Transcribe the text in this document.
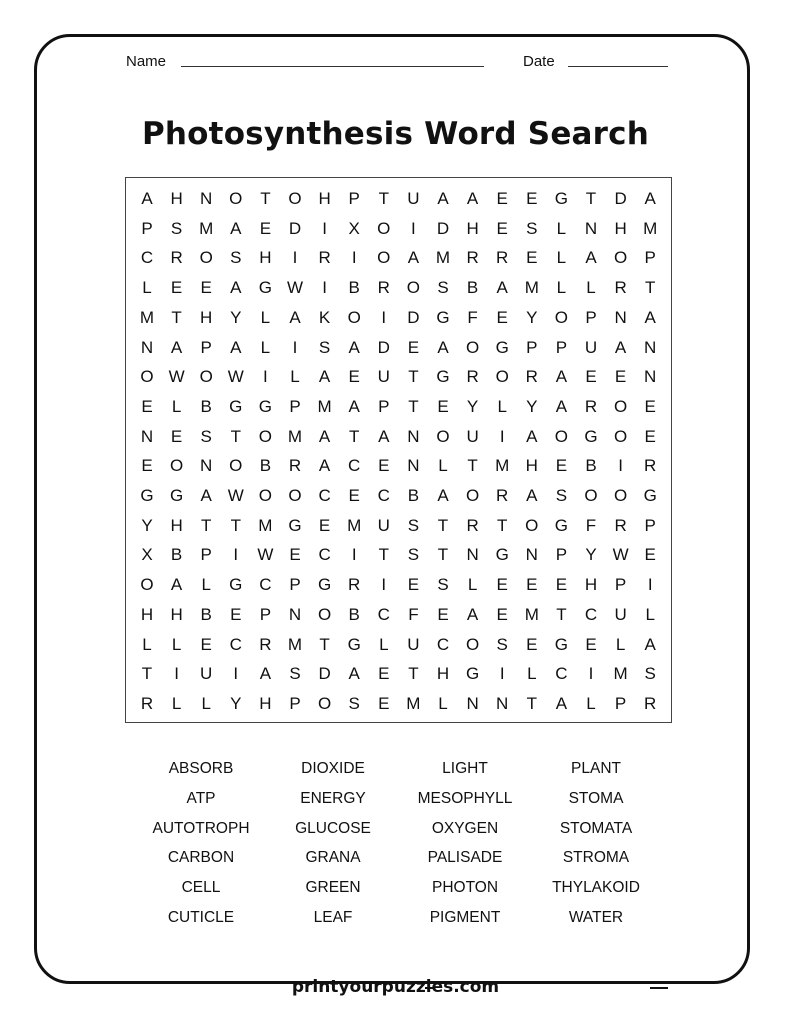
Name	Date
Photosynthesis Word Search
A	H	N O	T	O H	P	T	U	A	A	E	E	G	T	D	A
P	S M A	E	D	I	X	O	I	D	H	E	S	L	N	H M
C	R O	S	H	I	R	I	O	A M R	R	E	L	A	O	P
L	E	E	A	G W	I	B	R O	S	B	A M	L	L	R	T
M	T	H	Y	L	A	K	O	I	D G	F	E	Y	O	P	N	A
N	A	P	A	L	I	S	A	D	E	A	O G	P	P	U	A	N
O W O W	I	L	A	E	U	T	G R O R	A	E	E	N
E	L	B	G G	P M A	P	T	E	Y	L	Y	A	R O	E
N	E	S	T	O M A	T	A	N O U	I	A	O G O	E
E	O N O	B	R	A	C	E	N	L	T	M H	E	B	I	R
G G	A W O O C	E	C	B	A	O R	A	S	O O G
Y	H	T	T	M G	E M U	S	T	R	T	O G	F	R	P
X	B	P	I	W E	C	I	T	S	T	N G N	P	Y W E
O	A	L	G C	P	G R	I	E	S	L	E	E	E	H	P	I
H	H	B	E	P	N O	B	C	F	E	A	E M	T	C	U	L
L	L	E	C	R M	T	G	L	U	C O	S	E	G	E	L	A
T	I	U	I	A	S	D	A	E	T	H G	I	L	C	I	M S
R	L	L	Y	H	P	O	S	E M	L	N	N	T	A	L	P	R
ABSORB
ATP
AUTOTROPH
CARBON
CELL
CUTICLE
DIOXIDE
ENERGY
GLUCOSE
GRANA
GREEN
LEAF
LIGHT
MESOPHYLL
OXYGEN
PALISADE
PHOTON
PIGMENT
PLANT
STOMA
STOMATA
STROMA
THYLAKOID
WATER
printyourpuzzles.com
